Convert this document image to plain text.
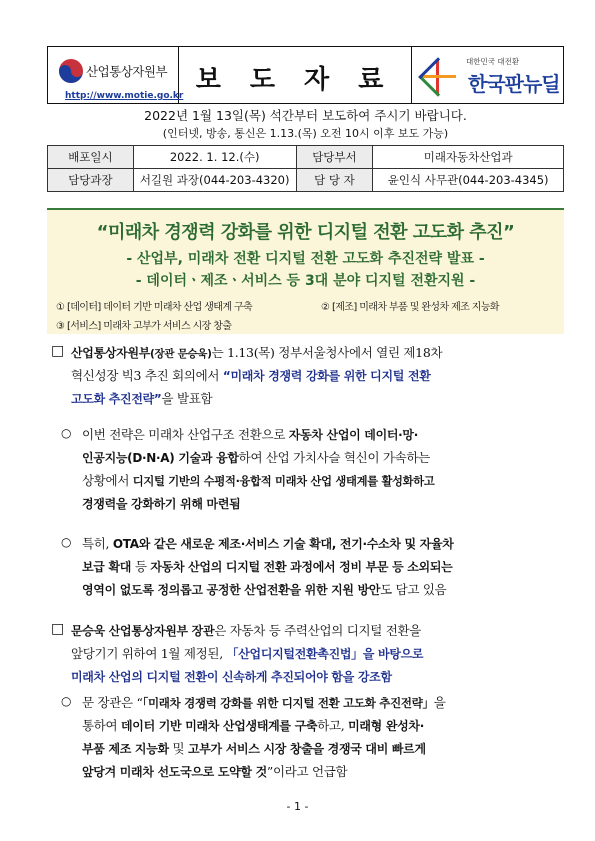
산업통상자원부
http://www.motie.go.kr
보 도 자 료
대한민국 대전환
한국판뉴딜
2022년 1월 13일(목) 석간부터 보도하여 주시기 바랍니다.
(인터넷, 방송, 통신은 1.13.(목) 오전 10시 이후 보도 가능)
배포일시	2022. 1. 12.(수)	담당부서	미래자동차산업과
담당과장	서길원 과장(044-203-4320)	담 당 자	윤인식 사무관(044-203-4345)
“미래차 경쟁력 강화를 위한 디지털 전환 고도화 추진”
- 산업부, 미래차 전환 디지털 전환 고도화 추진전략 발표 -
- 데이터ㆍ제조ㆍ서비스 등 3대 분야 디지털 전환지원 -
① [데이터] 데이터 기반 미래차 산업 생태계 구축	② [제조] 미래차 부품 및 완성차 제조 지능화
③ [서비스] 미래차 고부가 서비스 시장 창출
□ 산업통상자원부(장관 문승욱)는 1.13(목) 정부서울청사에서 열린 제18차
혁신성장 빅3 추진 회의에서 “미래차 경쟁력 강화를 위한 디지털 전환
고도화 추진전략”을 발표함
○ 이번 전략은 미래차 산업구조 전환으로 자동차 산업이 데이터·망·
인공지능(D·N·A) 기술과 융합하여 산업 가치사슬 혁신이 가속하는
상황에서 디지털 기반의 수평적·융합적 미래차 산업 생태계를 활성화하고
경쟁력을 강화하기 위해 마련됨
○ 특히, OTA와 같은 새로운 제조·서비스 기술 확대, 전기·수소차 및 자율차
보급 확대 등 자동차 산업의 디지털 전환 과정에서 정비 부문 등 소외되는
영역이 없도록 정의롭고 공정한 산업전환을 위한 지원 방안도 담고 있음
□ 문승욱 산업통상자원부 장관은 자동차 등 주력산업의 디지털 전환을
앞당기기 위하여 1월 제정된, 「산업디지털전환촉진법」을 바탕으로
미래차 산업의 디지털 전환이 신속하게 추진되어야 함을 강조함
○ 문 장관은 “「미래차 경쟁력 강화를 위한 디지털 전환 고도화 추진전략」을
통하여 데이터 기반 미래차 산업생태계를 구축하고, 미래형 완성차·
부품 제조 지능화 및 고부가 서비스 시장 창출을 경쟁국 대비 빠르게
앞당겨 미래차 선도국으로 도약할 것”이라고 언급함
- 1 -
